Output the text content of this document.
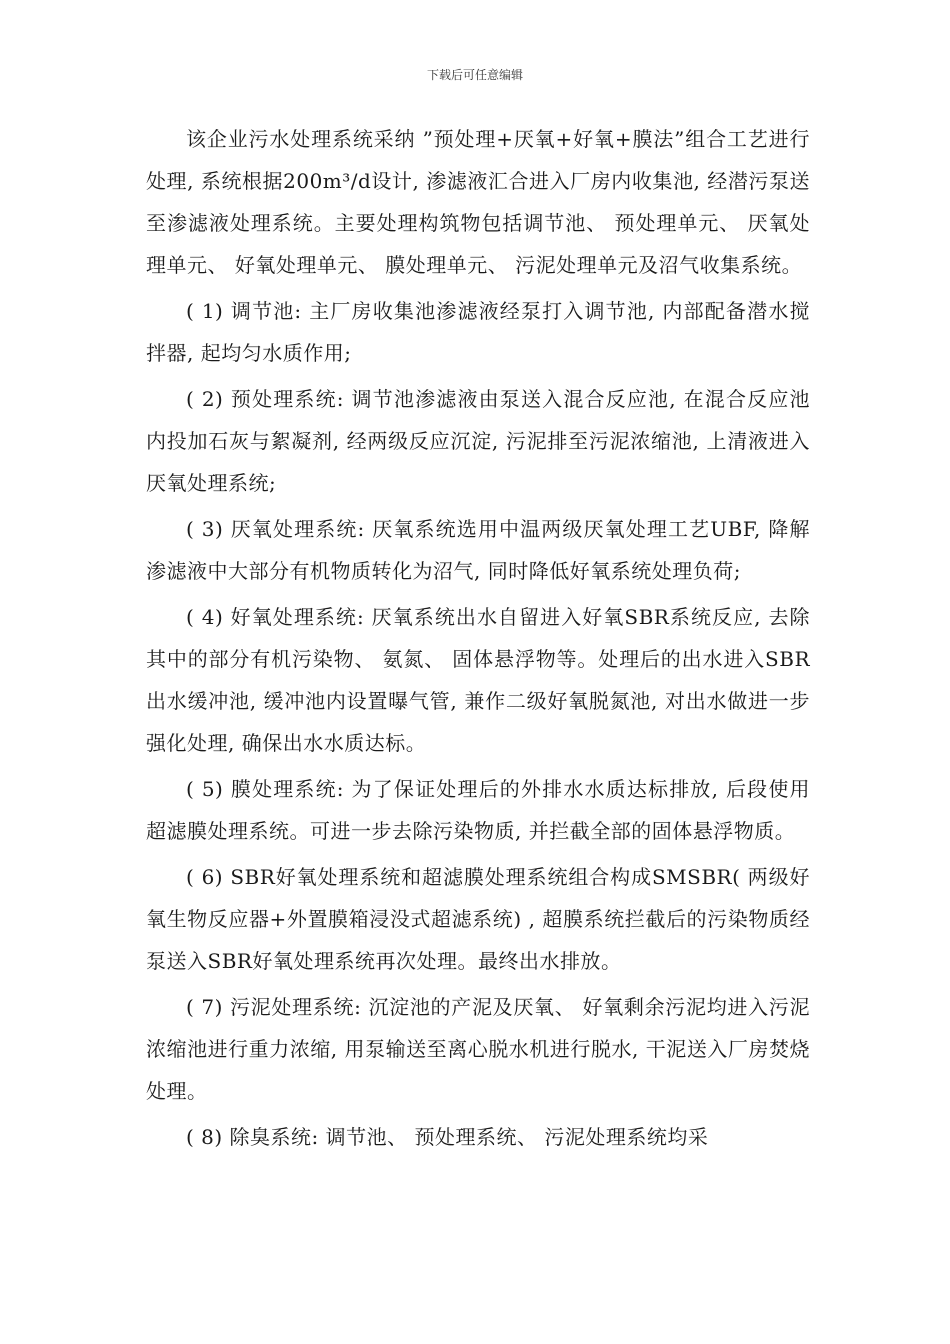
下载后可任意编辑

该企业污水处理系统采纳 ”预处理+厌氧+好氧+膜法”组合工艺进行处理, 系统根据200m³/d设计, 渗滤液汇合进入厂房内收集池, 经潜污泵送至渗滤液处理系统。主要处理构筑物包括调节池、 预处理单元、 厌氧处理单元、 好氧处理单元、 膜处理单元、 污泥处理单元及沼气收集系统。

( 1) 调节池: 主厂房收集池渗滤液经泵打入调节池, 内部配备潜水搅拌器, 起均匀水质作用;

( 2) 预处理系统: 调节池渗滤液由泵送入混合反应池, 在混合反应池内投加石灰与絮凝剂, 经两级反应沉淀, 污泥排至污泥浓缩池, 上清液进入厌氧处理系统;

( 3) 厌氧处理系统: 厌氧系统选用中温两级厌氧处理工艺UBF, 降解渗滤液中大部分有机物质转化为沼气, 同时降低好氧系统处理负荷;

( 4) 好氧处理系统: 厌氧系统出水自留进入好氧SBR系统反应, 去除其中的部分有机污染物、 氨氮、 固体悬浮物等。处理后的出水进入SBR出水缓冲池, 缓冲池内设置曝气管, 兼作二级好氧脱氮池, 对出水做进一步强化处理, 确保出水水质达标。

( 5) 膜处理系统: 为了保证处理后的外排水水质达标排放, 后段使用超滤膜处理系统。可进一步去除污染物质, 并拦截全部的固体悬浮物质。

( 6) SBR好氧处理系统和超滤膜处理系统组合构成SMSBR( 两级好氧生物反应器+外置膜箱浸没式超滤系统) , 超膜系统拦截后的污染物质经泵送入SBR好氧处理系统再次处理。最终出水排放。

( 7) 污泥处理系统: 沉淀池的产泥及厌氧、 好氧剩余污泥均进入污泥浓缩池进行重力浓缩, 用泵输送至离心脱水机进行脱水, 干泥送入厂房焚烧处理。

( 8) 除臭系统: 调节池、 预处理系统、 污泥处理系统均采
